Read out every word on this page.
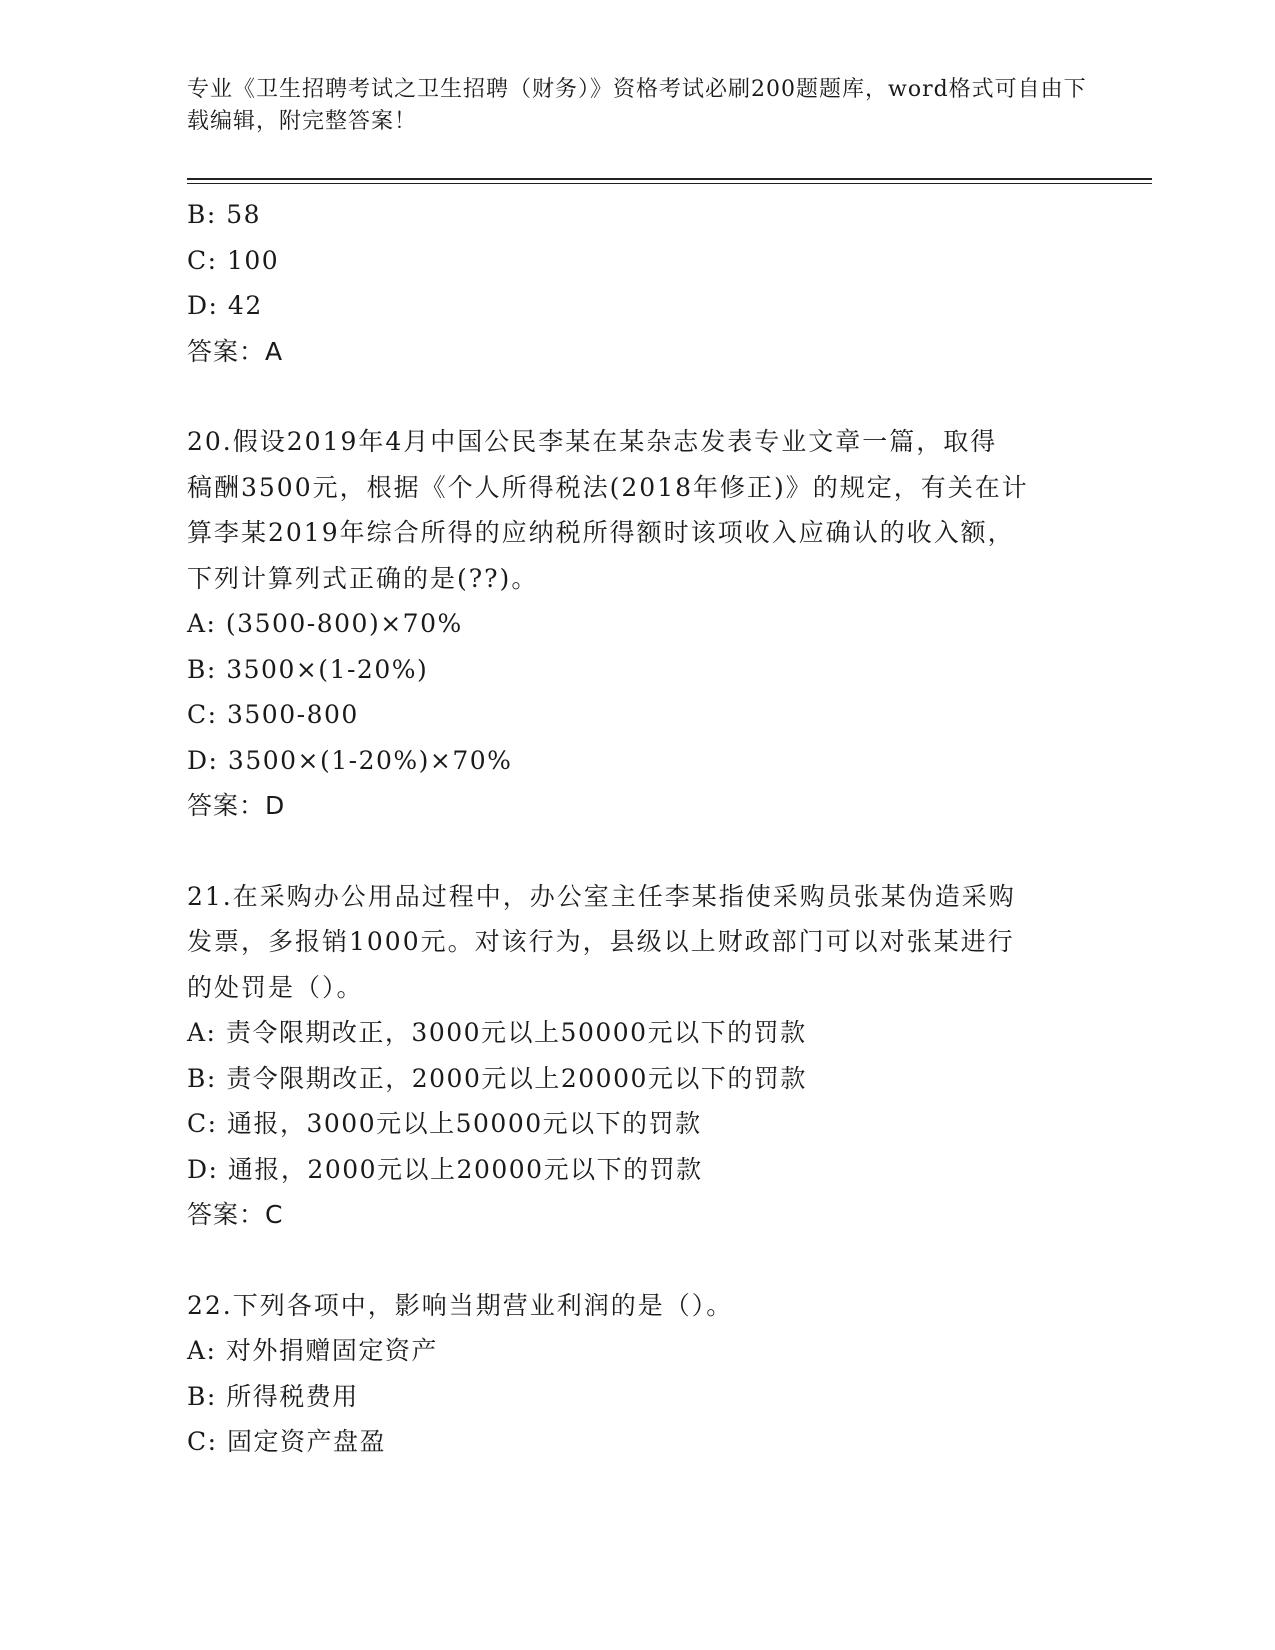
专业《卫生招聘考试之卫生招聘（财务）》资格考试必刷200题题库，word格式可自由下载编辑，附完整答案！
B: 58
C: 100
D: 42
答案：A
20.假设2019年4月中国公民李某在某杂志发表专业文章一篇，取得
稿酬3500元，根据《个人所得税法(2018年修正)》的规定，有关在计
算李某2019年综合所得的应纳税所得额时该项收入应确认的收入额，
下列计算列式正确的是(??)。
A: (3500-800)×70%
B: 3500×(1-20%)
C: 3500-800
D: 3500×(1-20%)×70%
答案：D
21.在采购办公用品过程中，办公室主任李某指使采购员张某伪造采购
发票，多报销1000元。对该行为，县级以上财政部门可以对张某进行
的处罚是（）。
A: 责令限期改正，3000元以上50000元以下的罚款
B: 责令限期改正，2000元以上20000元以下的罚款
C: 通报，3000元以上50000元以下的罚款
D: 通报，2000元以上20000元以下的罚款
答案：C
22.下列各项中，影响当期营业利润的是（）。
A: 对外捐赠固定资产
B: 所得税费用
C: 固定资产盘盈
